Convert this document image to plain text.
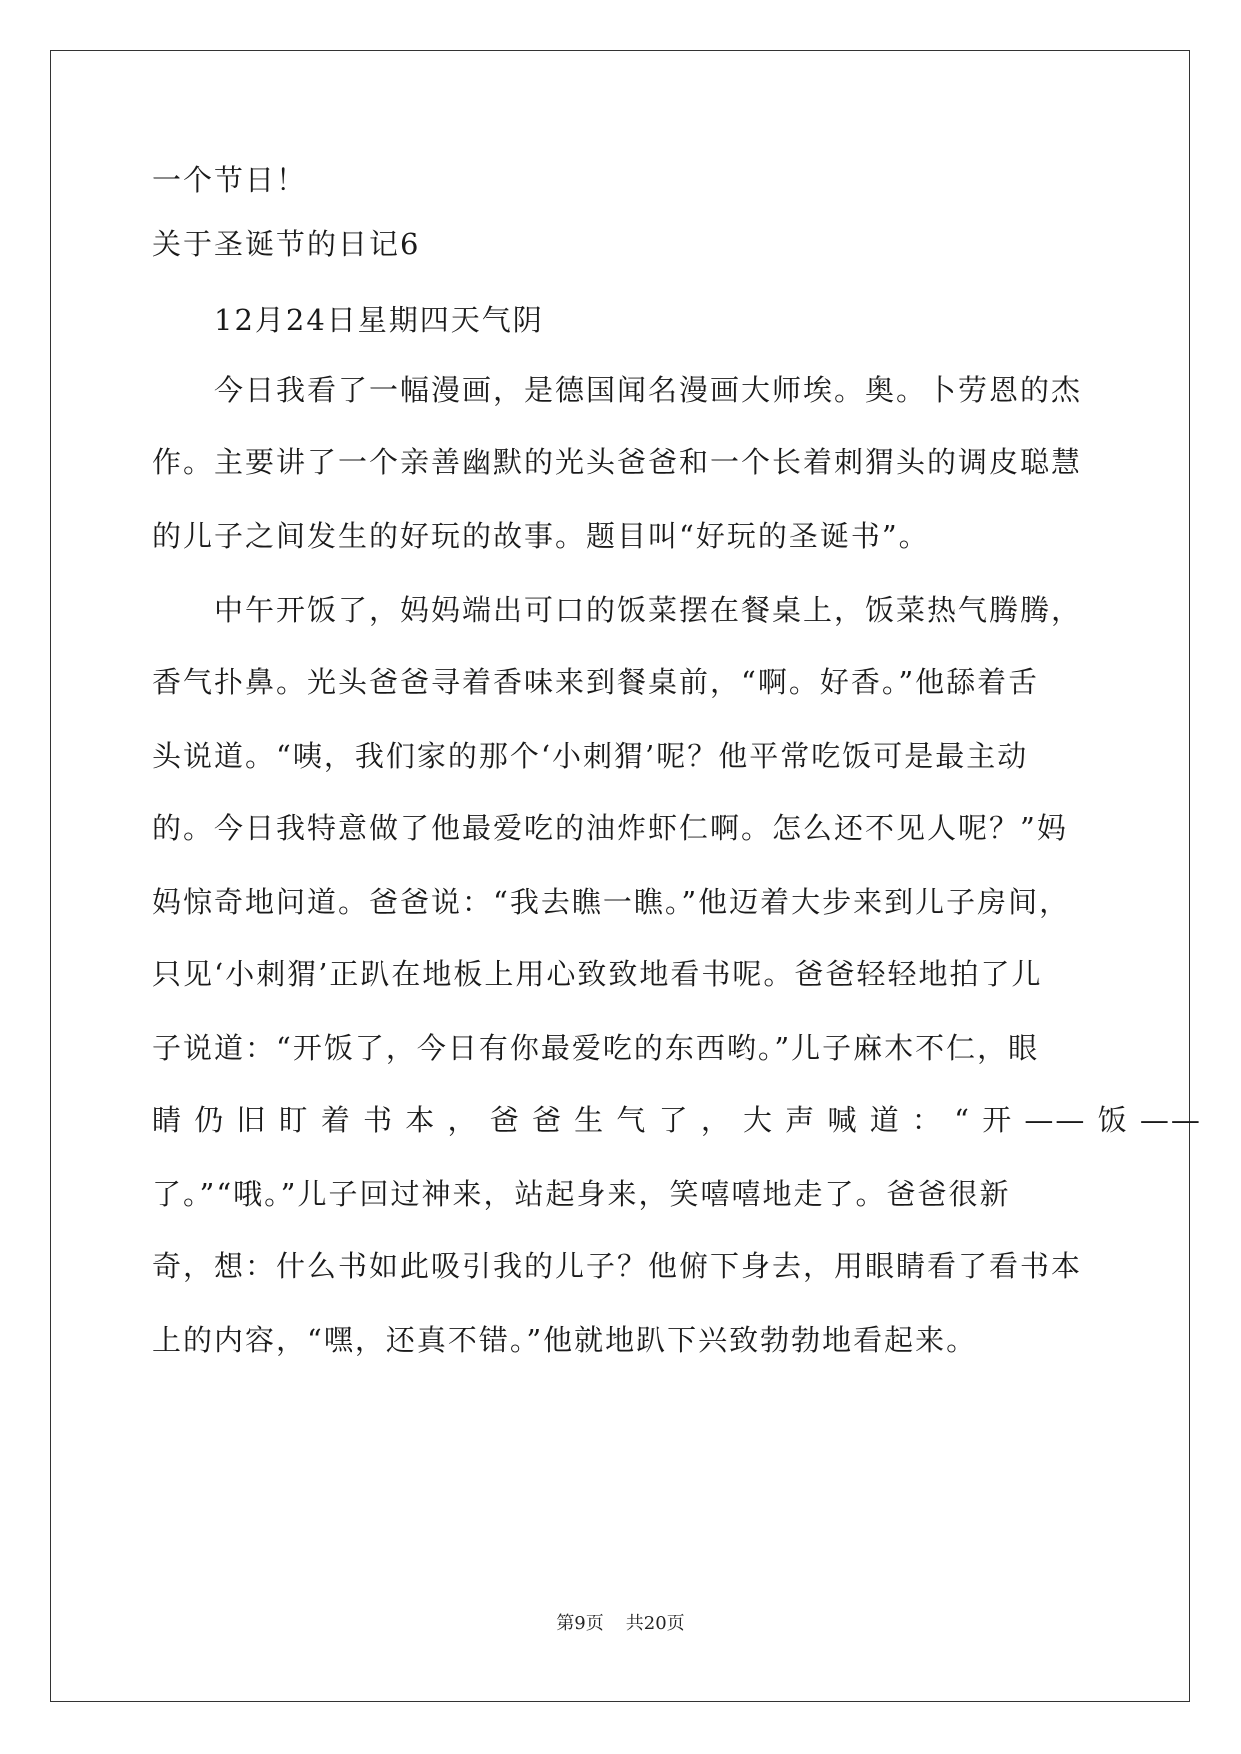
一个节日！
关于圣诞节的日记6
12月24日星期四天气阴
今日我看了一幅漫画，是德国闻名漫画大师埃。奥。卜劳恩的杰
作。主要讲了一个亲善幽默的光头爸爸和一个长着刺猬头的调皮聪慧
的儿子之间发生的好玩的故事。题目叫“好玩的圣诞书”。
中午开饭了，妈妈端出可口的饭菜摆在餐桌上，饭菜热气腾腾，
香气扑鼻。光头爸爸寻着香味来到餐桌前，“啊。好香。”他舔着舌
头说道。“咦，我们家的那个‘小刺猬’呢？他平常吃饭可是最主动
的。今日我特意做了他最爱吃的油炸虾仁啊。怎么还不见人呢？”妈
妈惊奇地问道。爸爸说：“我去瞧一瞧。”他迈着大步来到儿子房间，
只见‘小刺猬’正趴在地板上用心致致地看书呢。爸爸轻轻地拍了儿
子说道：“开饭了，今日有你最爱吃的东西哟。”儿子麻木不仁，眼
睛 仍 旧 盯 着 书 本 ， 爸 爸 生 气 了 ， 大 声 喊 道 ： “ 开 —— 饭 ——
了。”“哦。”儿子回过神来，站起身来，笑嘻嘻地走了。爸爸很新
奇，想：什么书如此吸引我的儿子？他俯下身去，用眼睛看了看书本
上的内容，“嘿，还真不错。”他就地趴下兴致勃勃地看起来。
第9页 共20页
